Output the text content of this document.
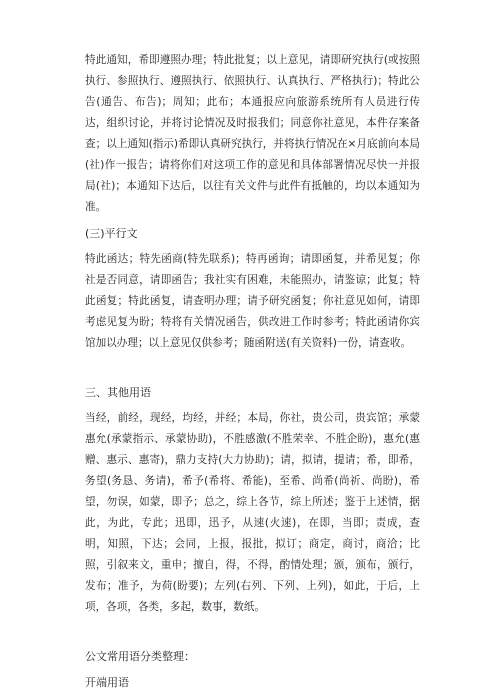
特此通知，希即遵照办理；特此批复；以上意见，请即研究执行(或按照执行、参照执行、遵照执行、依照执行、认真执行、严格执行)；特此公告(通告、布告)；周知；此布；本通报应向旅游系统所有人员进行传达，组织讨论，并将讨论情况及时报我们；同意你社意见，本件存案备查；以上通知(指示)希即认真研究执行，并将执行情况在×月底前向本局(社)作一报告；请将你们对这项工作的意见和具体部署情况尽快一并报局(社)；本通知下达后，以往有关文件与此件有抵触的，均以本通知为准。

(三)平行文

特此函达；特先函商(特先联系)；特再函询；请即函复，并希见复；你社是否同意，请即函告；我社实有困难，未能照办，请鉴谅；此复；特此函复；特此函复，请查明办理；请予研究函复；你社意见如何，请即考虑见复为盼；特将有关情况函告，供改进工作时参考；特此函请你宾馆加以办理；以上意见仅供参考；随函附送(有关资料)一份，请查收。

三、其他用语

当经，前经，现经，均经，并经；本局，你社，贵公司，贵宾馆；承蒙惠允(承蒙指示、承蒙协助)，不胜感激(不胜荣幸、不胜企盼)，惠允(惠赠、惠示、惠寄)，鼎力支持(大力协助)；请，拟请，提请；希，即希，务望(务恳、务请)，希予(希将、希能)，至希、尚希(尚祈、尚盼)，希望，勿误，如蒙，即予；总之，综上各节，综上所述；鉴于上述情，据此，为此，专此；迅即，迅予，从速(火速)，在即，当即；责成，查明，知照，下达；会同，上报，报批，拟订；商定，商讨，商洽；比照，引叙来文，重申；擅自，得，不得，酌情处理；颁，颁布，颁行，发布；准予，为荷(盼要)；左列(右列、下列、上列)，如此，于后，上项，各项，各类，多起，数事，数纸。

公文常用语分类整理：

开端用语
